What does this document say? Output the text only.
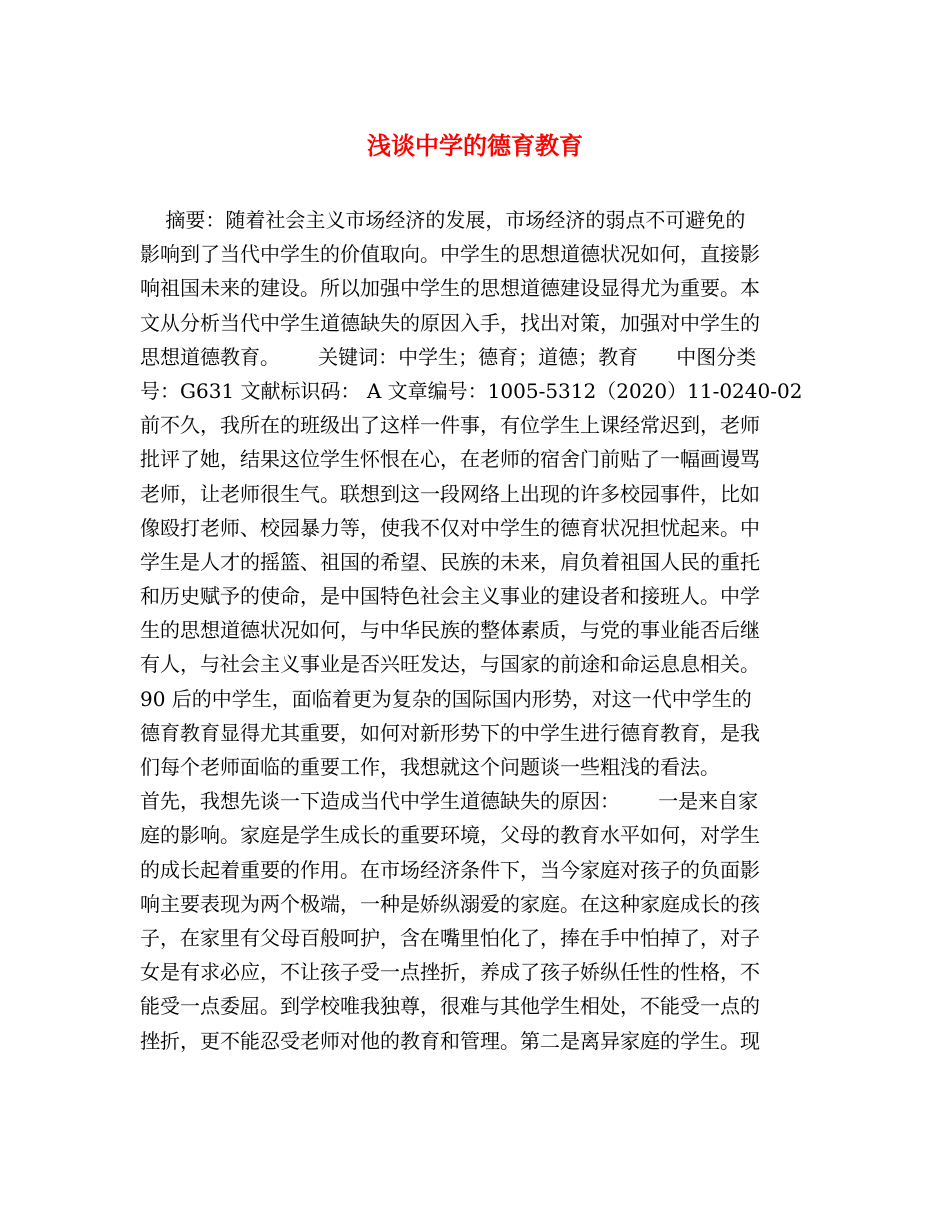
浅谈中学的德育教育
摘要：随着社会主义市场经济的发展，市场经济的弱点不可避免的
影响到了当代中学生的价值取向。中学生的思想道德状况如何，直接影
响祖国未来的建设。所以加强中学生的思想道德建设显得尤为重要。本
文从分析当代中学生道德缺失的原因入手，找出对策，加强对中学生的
思想道德教育。      关键词：中学生；德育；道德；教育      中图分类
号：G631 文献标识码： A 文章编号：1005-5312（2020）11-0240-02
前不久，我所在的班级出了这样一件事，有位学生上课经常迟到，老师
批评了她，结果这位学生怀恨在心，在老师的宿舍门前贴了一幅画谩骂
老师，让老师很生气。联想到这一段网络上出现的许多校园事件，比如
像殴打老师、校园暴力等，使我不仅对中学生的德育状况担忧起来。中
学生是人才的摇篮、祖国的希望、民族的未来，肩负着祖国人民的重托
和历史赋予的使命，是中国特色社会主义事业的建设者和接班人。中学
生的思想道德状况如何，与中华民族的整体素质，与党的事业能否后继
有人，与社会主义事业是否兴旺发达，与国家的前途和命运息息相关。
90 后的中学生，面临着更为复杂的国际国内形势，对这一代中学生的
德育教育显得尤其重要，如何对新形势下的中学生进行德育教育，是我
们每个老师面临的重要工作，我想就这个问题谈一些粗浅的看法。
首先，我想先谈一下造成当代中学生道德缺失的原因：      一是来自家
庭的影响。家庭是学生成长的重要环境，父母的教育水平如何，对学生
的成长起着重要的作用。在市场经济条件下，当今家庭对孩子的负面影
响主要表现为两个极端，一种是娇纵溺爱的家庭。在这种家庭成长的孩
子，在家里有父母百般呵护，含在嘴里怕化了，捧在手中怕掉了，对子
女是有求必应，不让孩子受一点挫折，养成了孩子娇纵任性的性格，不
能受一点委屈。到学校唯我独尊，很难与其他学生相处，不能受一点的
挫折，更不能忍受老师对他的教育和管理。第二是离异家庭的学生。现
